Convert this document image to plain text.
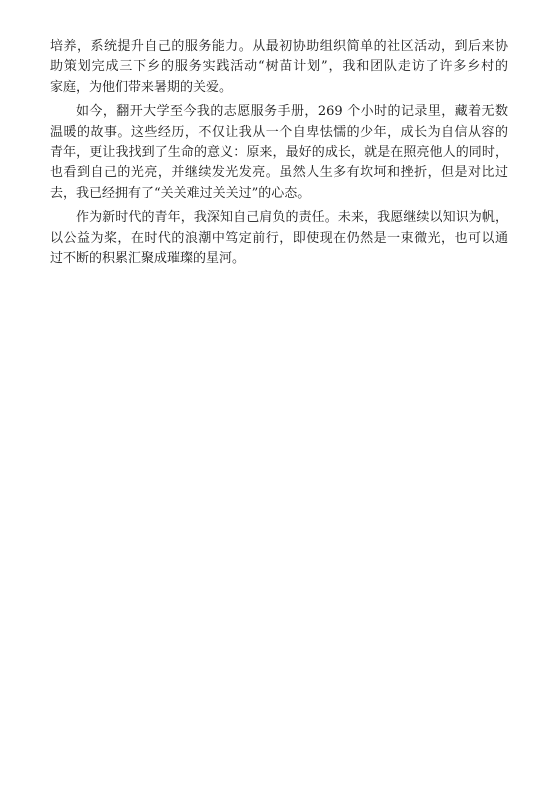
培养，系统提升自己的服务能力。从最初协助组织简单的社区活动，到后来协
助策划完成三下乡的服务实践活动“树苗计划”，我和团队走访了许多乡村的
家庭，为他们带来暑期的关爱。
如今，翻开大学至今我的志愿服务手册，269 个小时的记录里，藏着无数
温暖的故事。这些经历，不仅让我从一个自卑怯懦的少年，成长为自信从容的
青年，更让我找到了生命的意义：原来，最好的成长，就是在照亮他人的同时，
也看到自己的光亮，并继续发光发亮。虽然人生多有坎坷和挫折，但是对比过
去，我已经拥有了“关关难过关关过”的心态。
作为新时代的青年，我深知自己肩负的责任。未来，我愿继续以知识为帆，
以公益为桨，在时代的浪潮中笃定前行，即使现在仍然是一束微光，也可以通
过不断的积累汇聚成璀璨的星河。
